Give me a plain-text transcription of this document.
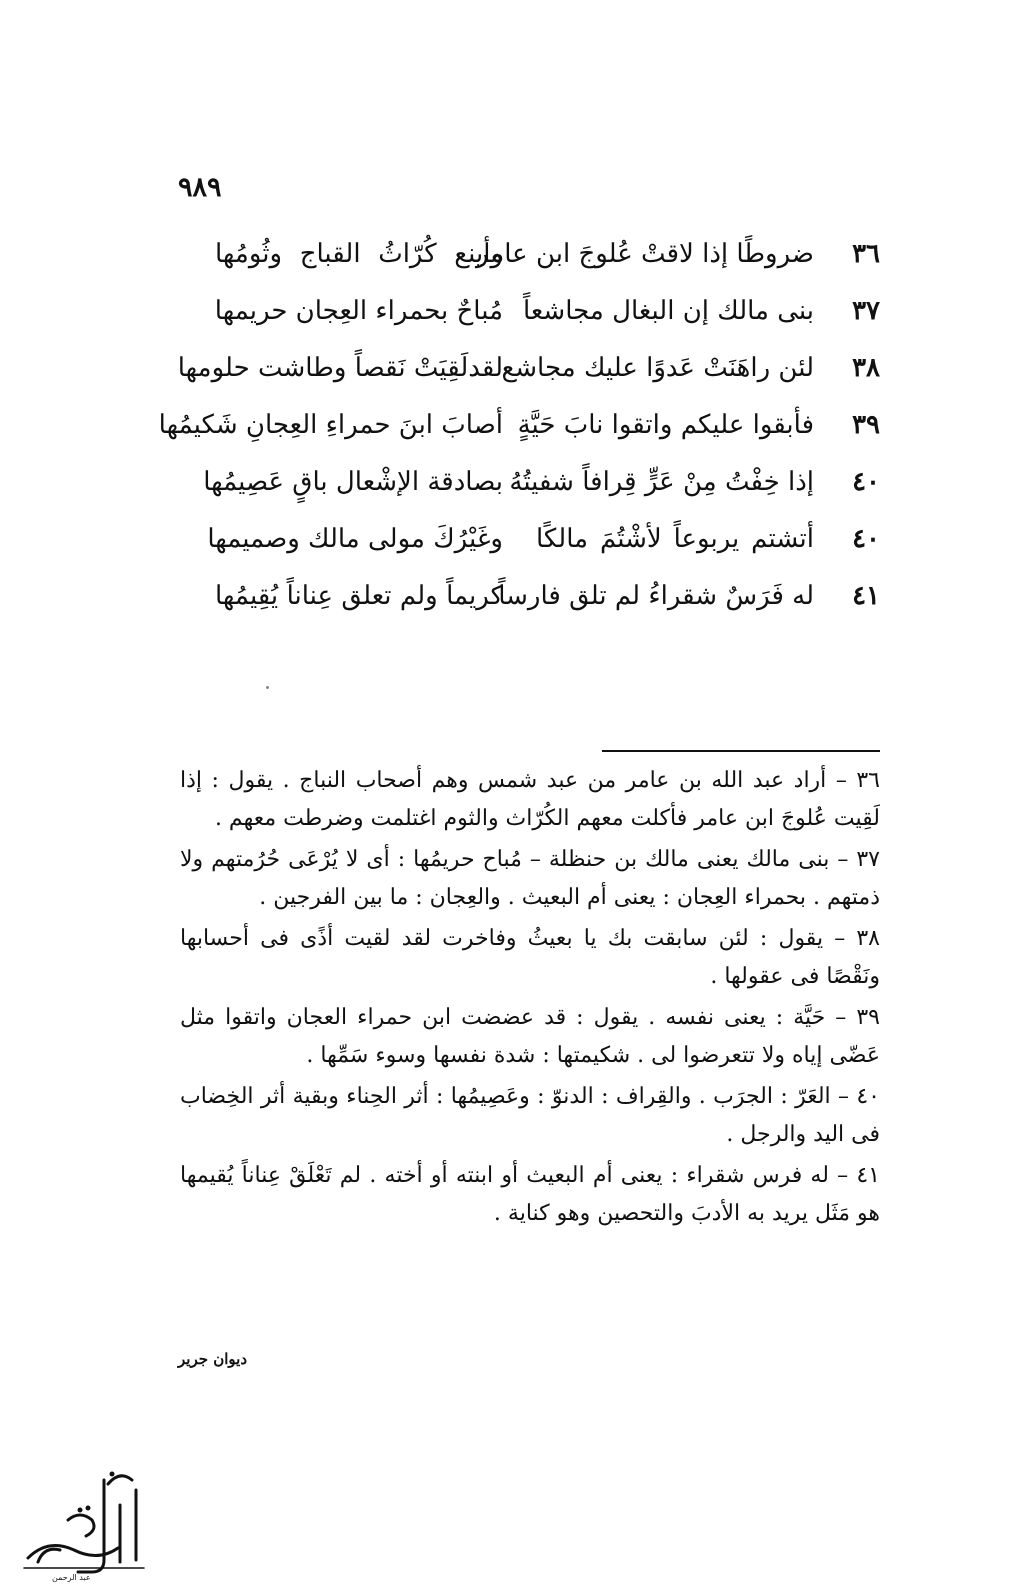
٩٨٩
٣٦
ضروطًا إذا لاقتْ عُلوجَ ابن عامر
وأينع كُرّاثُ القباج وثُومُها
٣٧
بنى مالك إن البغال مجاشعاً
مُباحٌ بحمراء العِجان حريمها
٣٨
لئن راهَنَتْ عَدوًا عليك مجاشع
لقدلَقِيَتْ نَقصاً وطاشت حلومها
٣٩
فأبقوا عليكم واتقوا نابَ حَيَّةٍ
أصابَ ابنَ حمراءِ العِجانِ شَكيمُها
٤٠
إذا خِفْتُ مِنْ عَرٍّ قِرافاً شفيتُهُ
بصادقة الإشْعال باقٍ عَصِيمُها
٤٠
أتشتم يربوعاً لأشْتُمَ مالكًا
وغَيْرُكَ مولى مالك وصميمها
٤١
له فَرَسٌ شقراءُ لم تلق فارساً
كريماً ولم تعلق عِناناً يُقِيمُها

٣٦ – أراد عبد الله بن عامر من عبد شمس وهم أصحاب النباج . يقول : إذا لَقِيت عُلوجَ ابن عامر فأكلت معهم الكُرّاث والثوم اغتلمت وضرطت معهم .

٣٧ – بنى مالك يعنى مالك بن حنظلة – مُباح حريمُها : أى لا يُرْعَى حُرُمتهم ولا ذمتهم . بحمراء العِجان : يعنى أم البعيث . والعِجان : ما بين الفرجين .

٣٨ – يقول : لئن سابقت بك يا بعيثُ وفاخرت لقد لقيت أذًى فى أحسابها ونَقْصًا فى عقولها .

٣٩ – حَيَّة : يعنى نفسه . يقول : قد عضضت ابن حمراء العجان واتقوا مثل عَضّى إياه ولا تتعرضوا لى . شكيمتها : شدة نفسها وسوء سَمِّها .

٤٠ – العَرّ : الجرَب . والقِراف : الدنوّ : وعَصِيمُها : أثر الحِناء وبقية أثر الخِضاب فى اليد والرجل .

٤١ – له فرس شقراء : يعنى أم البعيث أو ابنته أو أخته . لم تَعْلَقْ عِناناً يُقيمها هو مَثَل يريد به الأدبَ والتحصين وهو كناية .

ديوان جرير
عبد الرحمن
